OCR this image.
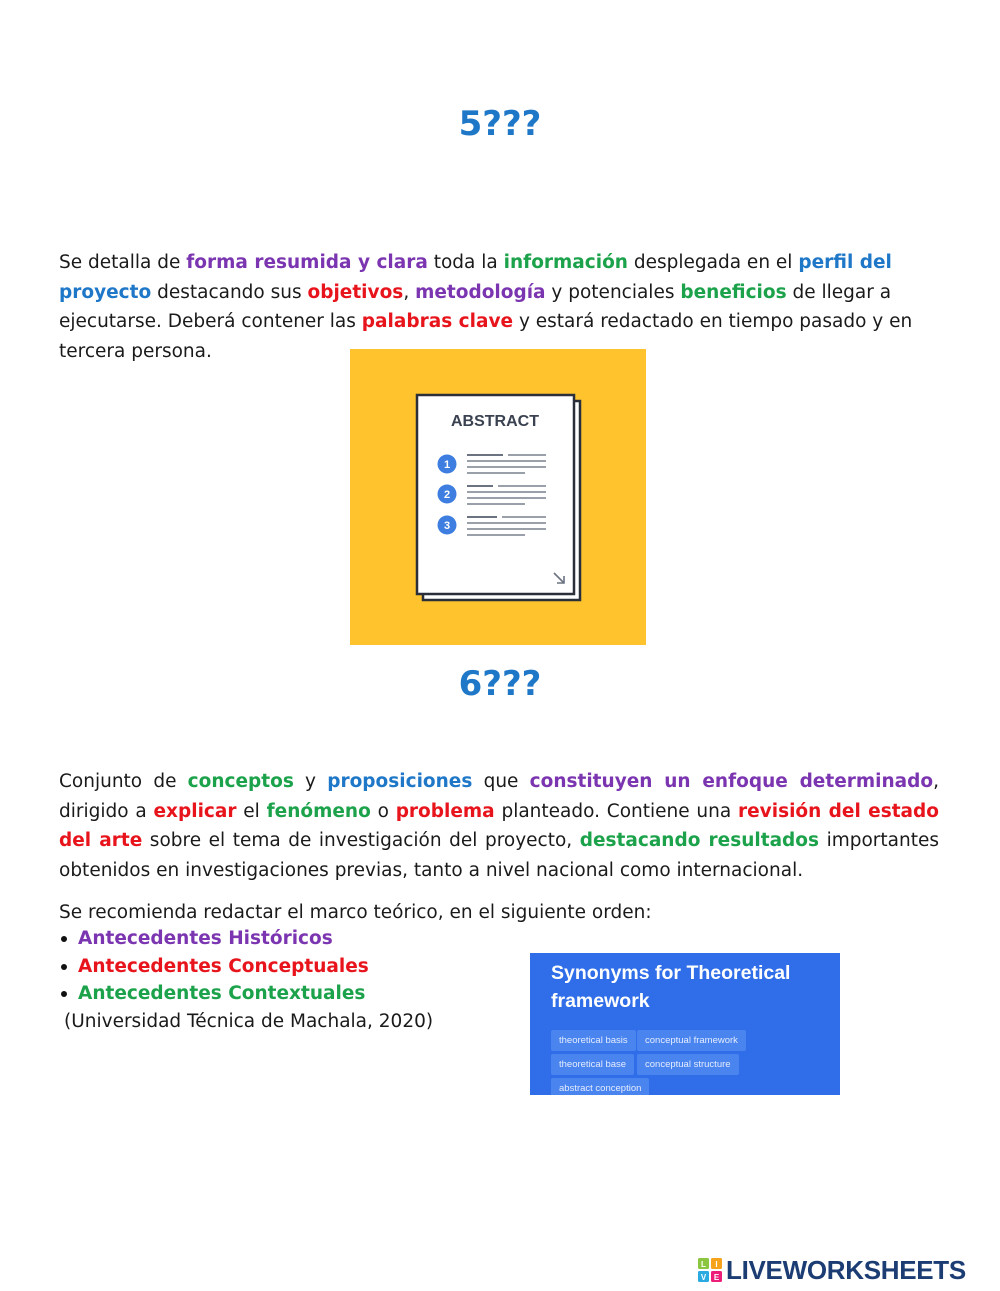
5???

Se detalla de forma resumida y clara toda la información desplegada en el perfil del proyecto destacando sus objetivos, metodología y potenciales beneficios de llegar a ejecutarse. Deberá contener las palabras clave y estará redactado en tiempo pasado y en tercera persona.

ABSTRACT
1
2
3
6???

Conjunto de conceptos y proposiciones que constituyen un enfoque determinado, dirigido a explicar el fenómeno o problema planteado. Contiene una revisión del estado del arte sobre el tema de investigación del proyecto, destacando resultados importantes obtenidos en investigaciones previas, tanto a nivel nacional como internacional.

Se recomienda redactar el marco teórico, en el siguiente orden:

Antecedentes Históricos
Antecedentes Conceptuales
Antecedentes Contextuales

(Universidad Técnica de Machala, 2020)

Synonyms for Theoretical framework

theoretical basis	conceptual framework
theoretical base	conceptual structure
abstract conception
L I
V E LIVEWORKSHEETS
